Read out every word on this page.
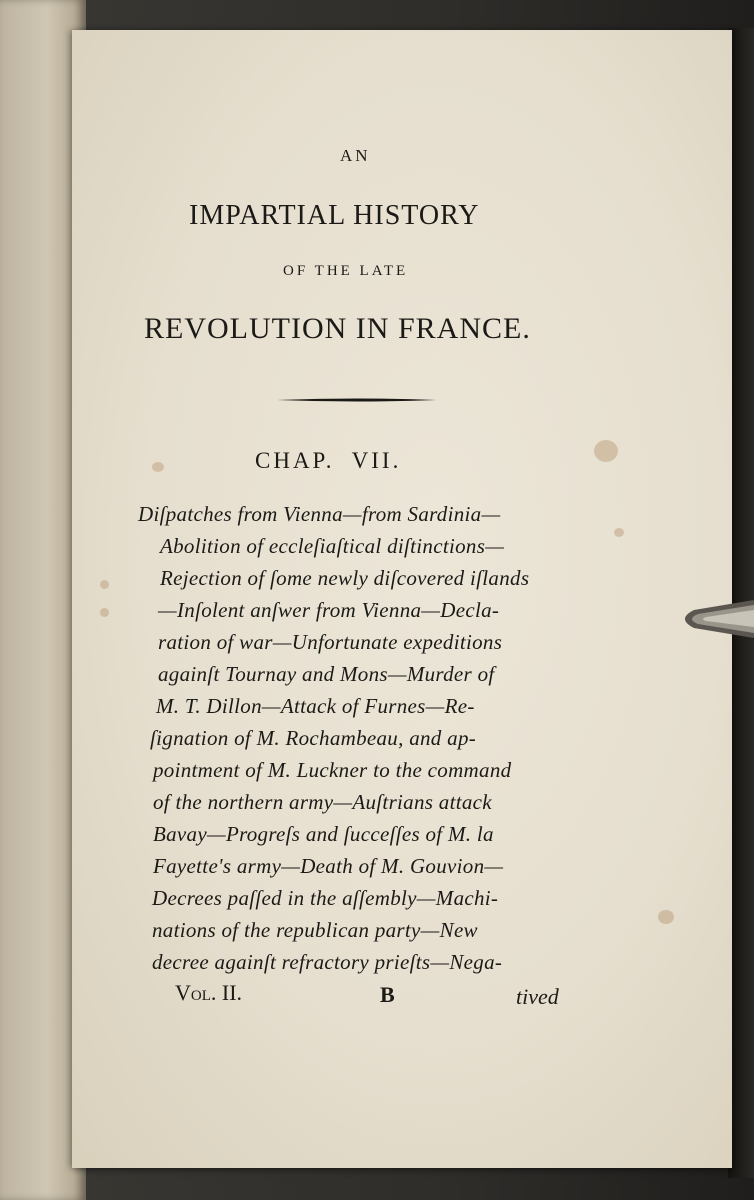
AN
IMPARTIAL HISTORY
OF THE LATE
REVOLUTION IN FRANCE.
CHAP.  VII.
Diſpatches from Vienna—from Sardinia—
Abolition of eccleſiaſtical diſtinctions—
Rejection of ſome newly diſcovered iſlands
—Inſolent anſwer from Vienna—Decla-
ration of war—Unfortunate expeditions
againſt Tournay and Mons—Murder of
M. T. Dillon—Attack of Furnes—Re-
ſignation of M. Rochambeau, and ap-
pointment of M. Luckner to the command
of the northern army—Auſtrians attack
Bavay—Progreſs and ſucceſſes of M. la
Fayette's army—Death of M. Gouvion—
Decrees paſſed in the aſſembly—Machi-
nations of the republican party—New
decree againſt refractory prieſts—Nega-
Vol. II.	B	tived
